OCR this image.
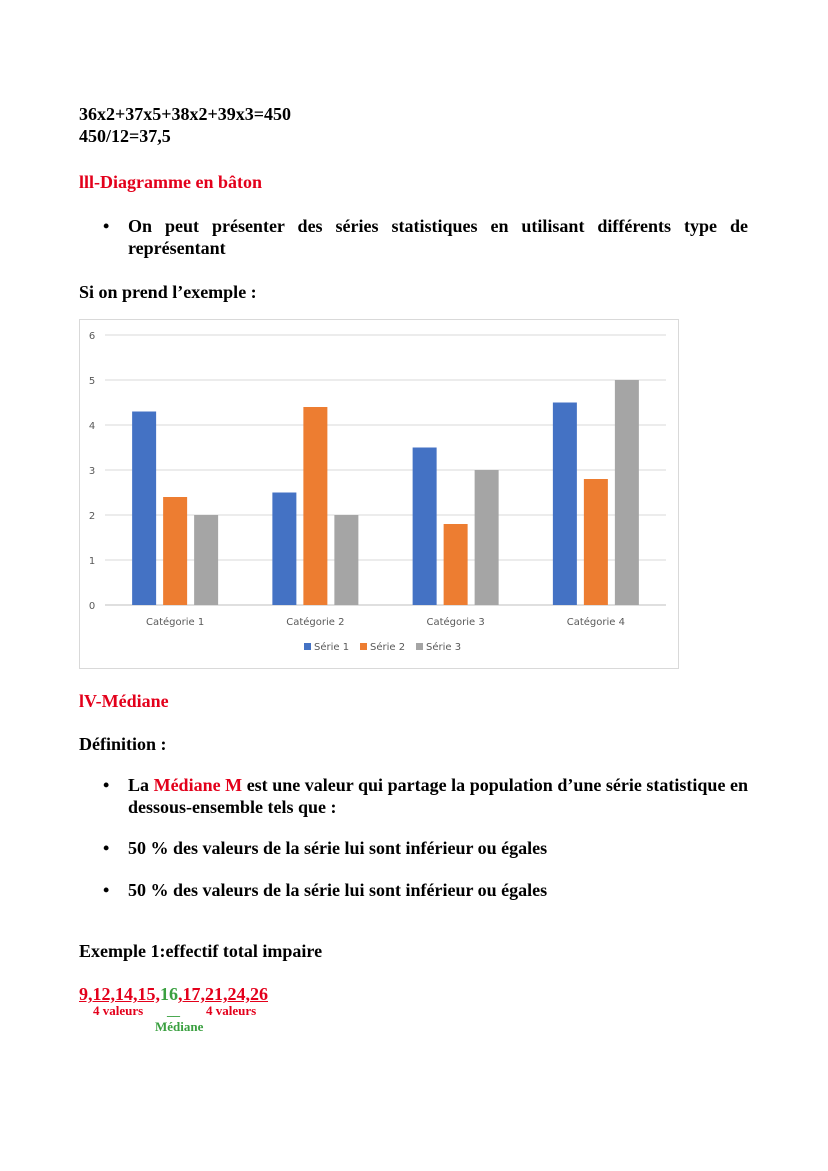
36x2+37x5+38x2+39x3=450
450/12=37,5
lll-Diagramme en bâton
• On peut présenter des séries statistiques en utilisant différents type de représentant
Si on prend l’exemple :
0
1
2
3
4
5
6
Catégorie 1	Catégorie 2	Catégorie 3	Catégorie 4
Série 1 Série 2 Série 3
lV-Médiane
Définition :
• La Médiane M est une valeur qui partage la population d’une série statistique en dessous-ensemble tels que :
• 50 % des valeurs de la série lui sont inférieur ou égales
• 50 % des valeurs de la série lui sont inférieur ou égales
Exemple 1:effectif total impaire
9,12,14,15,16,17,21,24,26
4 valeurs __ 4 valeurs
Médiane
